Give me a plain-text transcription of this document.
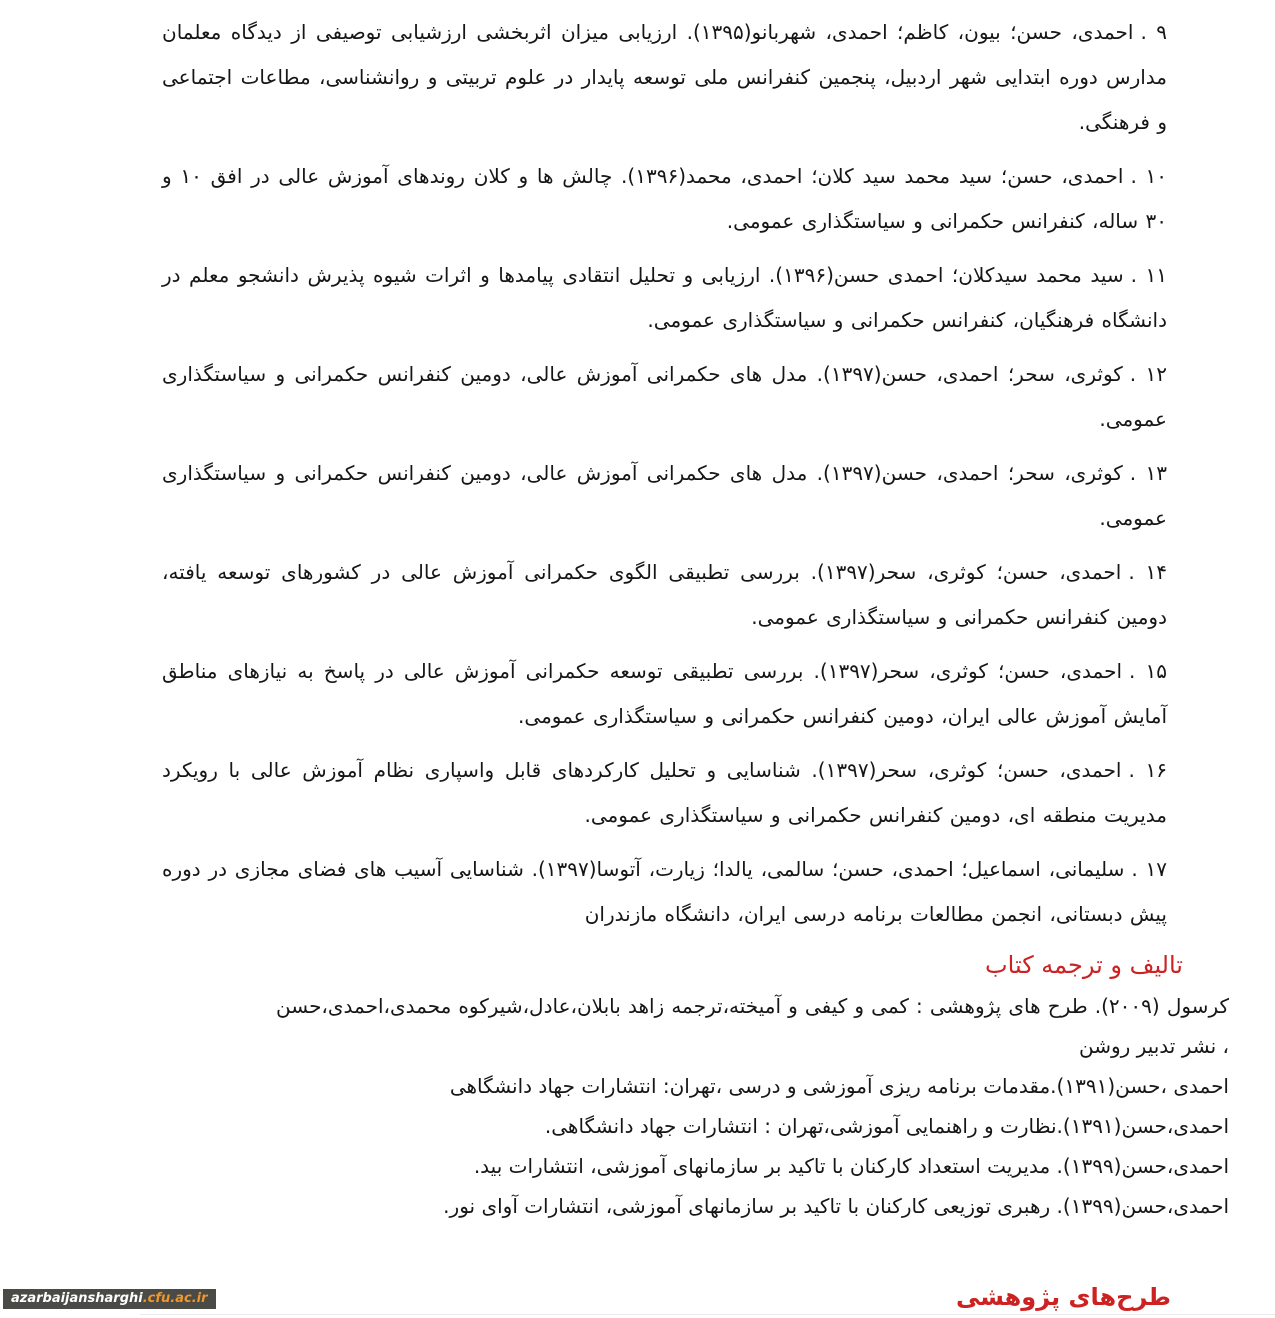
۹ .احمدی، حسن؛ بیون، کاظم؛ احمدی، شهربانو(۱۳۹۵). ارزیابی میزان اثربخشی ارزشیابی توصیفی از دیدگاه معلمان مدارس دوره ابتدایی شهر اردبیل، پنجمین کنفرانس ملی توسعه پایدار در علوم تربیتی و روانشناسی، مطاعات اجتماعی و فرهنگی.

۱۰ .احمدی، حسن؛ سید محمد سید کلان؛ احمدی، محمد(۱۳۹۶). چالش ها و کلان روندهای آموزش عالی در افق ۱۰ و ۳۰ ساله، کنفرانس حکمرانی و سیاستگذاری عمومی.

۱۱ .سید محمد سیدکلان؛ احمدی حسن(۱۳۹۶). ارزیابی و تحلیل انتقادی پیامدها و اثرات شیوه پذیرش دانشجو معلم در دانشگاه فرهنگیان، کنفرانس حکمرانی و سیاستگذاری عمومی.

۱۲ .کوثری، سحر؛ احمدی، حسن(۱۳۹۷). مدل های حکمرانی آموزش عالی، دومین کنفرانس حکمرانی و سیاستگذاری عمومی.

۱۳ .کوثری، سحر؛ احمدی، حسن(۱۳۹۷). مدل های حکمرانی آموزش عالی، دومین کنفرانس حکمرانی و سیاستگذاری عمومی.

۱۴ .احمدی، حسن؛ کوثری، سحر(۱۳۹۷). بررسی تطبیقی الگوی حکمرانی آموزش عالی در کشورهای توسعه یافته، دومین کنفرانس حکمرانی و سیاستگذاری عمومی.

۱۵ .احمدی، حسن؛ کوثری، سحر(۱۳۹۷). بررسی تطبیقی توسعه حکمرانی آموزش عالی در پاسخ به نیازهای مناطق آمایش آموزش عالی ایران، دومین کنفرانس حکمرانی و سیاستگذاری عمومی.

۱۶ .احمدی، حسن؛ کوثری، سحر(۱۳۹۷). شناسایی و تحلیل کارکردهای قابل واسپاری نظام آموزش عالی با رویکرد مدیریت منطقه ای، دومین کنفرانس حکمرانی و سیاستگذاری عمومی.

۱۷ .سلیمانی، اسماعیل؛ احمدی، حسن؛ سالمی، یالدا؛ زیارت، آتوسا(۱۳۹۷). شناسایی آسیب های فضای مجازی در دوره پیش دبستانی، انجمن مطالعات برنامه درسی ایران، دانشگاه مازندران

تالیف و ترجمه کتاب
کرسول (۲۰۰۹). طرح های پژوهشی : کمی و کیفی و آمیخته،ترجمه زاهد بابلان،عادل،شیرکوه محمدی،احمدی،حسن ، نشر تدبیر روشن
احمدی ،حسن(۱۳۹۱).مقدمات برنامه ریزی آموزشی و درسی ،تهران: انتشارات جهاد دانشگاهی
احمدی،حسن(۱۳۹۱).نظارت و راهنمایی آموزشی،تهران : انتشارات جهاد دانشگاهی.
احمدی،حسن(۱۳۹۹). مدیریت استعداد کارکنان با تاکید بر سازمانهای آموزشی، انتشارات بید.
احمدی،حسن(۱۳۹۹). رهبری توزیعی کارکنان با تاکید بر سازمانهای آموزشی، انتشارات آوای نور.
طرح‌های پژوهشی
azarbaijansharghi.cfu.ac.ir
